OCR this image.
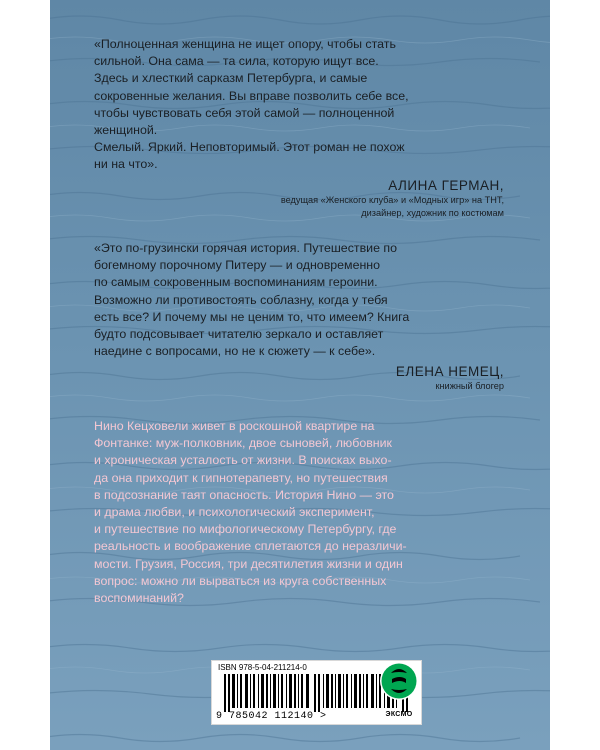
«Полноценная женщина не ищет опору, чтобы стать
сильной. Она сама — та сила, которую ищут все.
Здесь и хлесткий сарказм Петербурга, и самые
сокровенные желания. Вы вправе позволить себе все,
чтобы чувствовать себя этой самой — полноценной
женщиной.
Смелый. Яркий. Неповторимый. Этот роман не похож
ни на что».

АЛИНА ГЕРМАН,
ведущая «Женского клуба» и «Модных игр» на ТНТ,
дизайнер, художник по костюмам

«Это по-грузински горячая история. Путешествие по
богемному порочному Питеру — и одновременно
по самым сокровенным воспоминаниям героини.
Возможно ли противостоять соблазну, когда у тебя
есть все? И почему мы не ценим то, что имеем? Книга
будто подсовывает читателю зеркало и оставляет
наедине с вопросами, но не к сюжету — к себе».

ЕЛЕНА НЕМЕЦ,
книжный блогер

Нино Кецховели живет в роскошной квартире на
Фонтанке: муж-полковник, двое сыновей, любовник
и хроническая усталость от жизни. В поисках выхо-
да она приходит к гипнотерапевту, но путешествия
в подсознание таят опасность. История Нино — это
и драма любви, и психологический эксперимент,
и путешествие по мифологическому Петербургу, где
реальность и воображение сплетаются до неразличи-
мости. Грузия, Россия, три десятилетия жизни и один
вопрос: можно ли вырваться из круга собственных
воспоминаний?

ISBN 978-5-04-211214-0
9 785042 112140 >	ЭКСМО
